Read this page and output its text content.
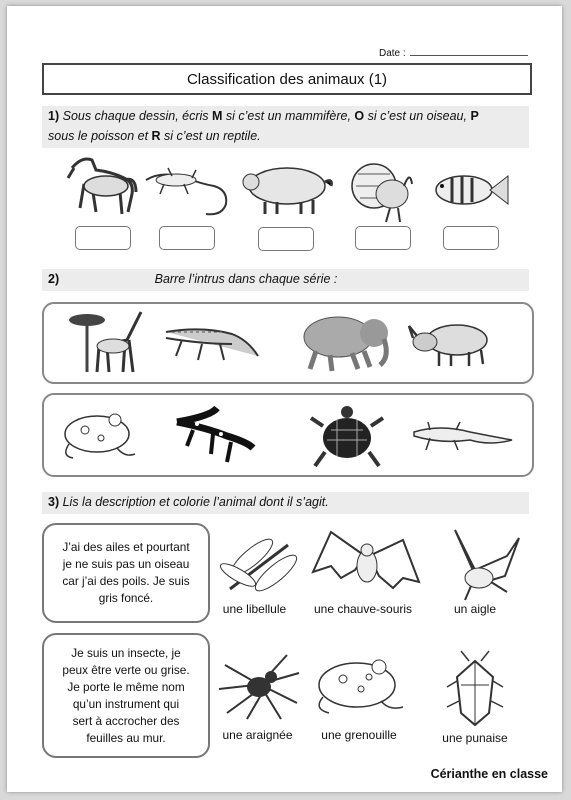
Date :
Classification des animaux (1)
1) Sous chaque dessin, écris M si c’est un mammifère, O si c’est un oiseau, P
sous le poisson et R si c’est un reptile.
2)	Barre l’intrus dans chaque série :
3) Lis la description et colorie l’animal dont il s’agit.
J’ai des ailes et pourtant
je ne suis pas un oiseau
car j’ai des poils. Je suis
gris foncé.
une libellule	une chauve-souris	un aigle
Je suis un insecte, je
peux être verte ou grise.
Je porte le même nom
qu’un instrument qui
sert à accrocher des
feuilles au mur.	une araignée	une grenouille	une punaise
Cérianthe en classe
